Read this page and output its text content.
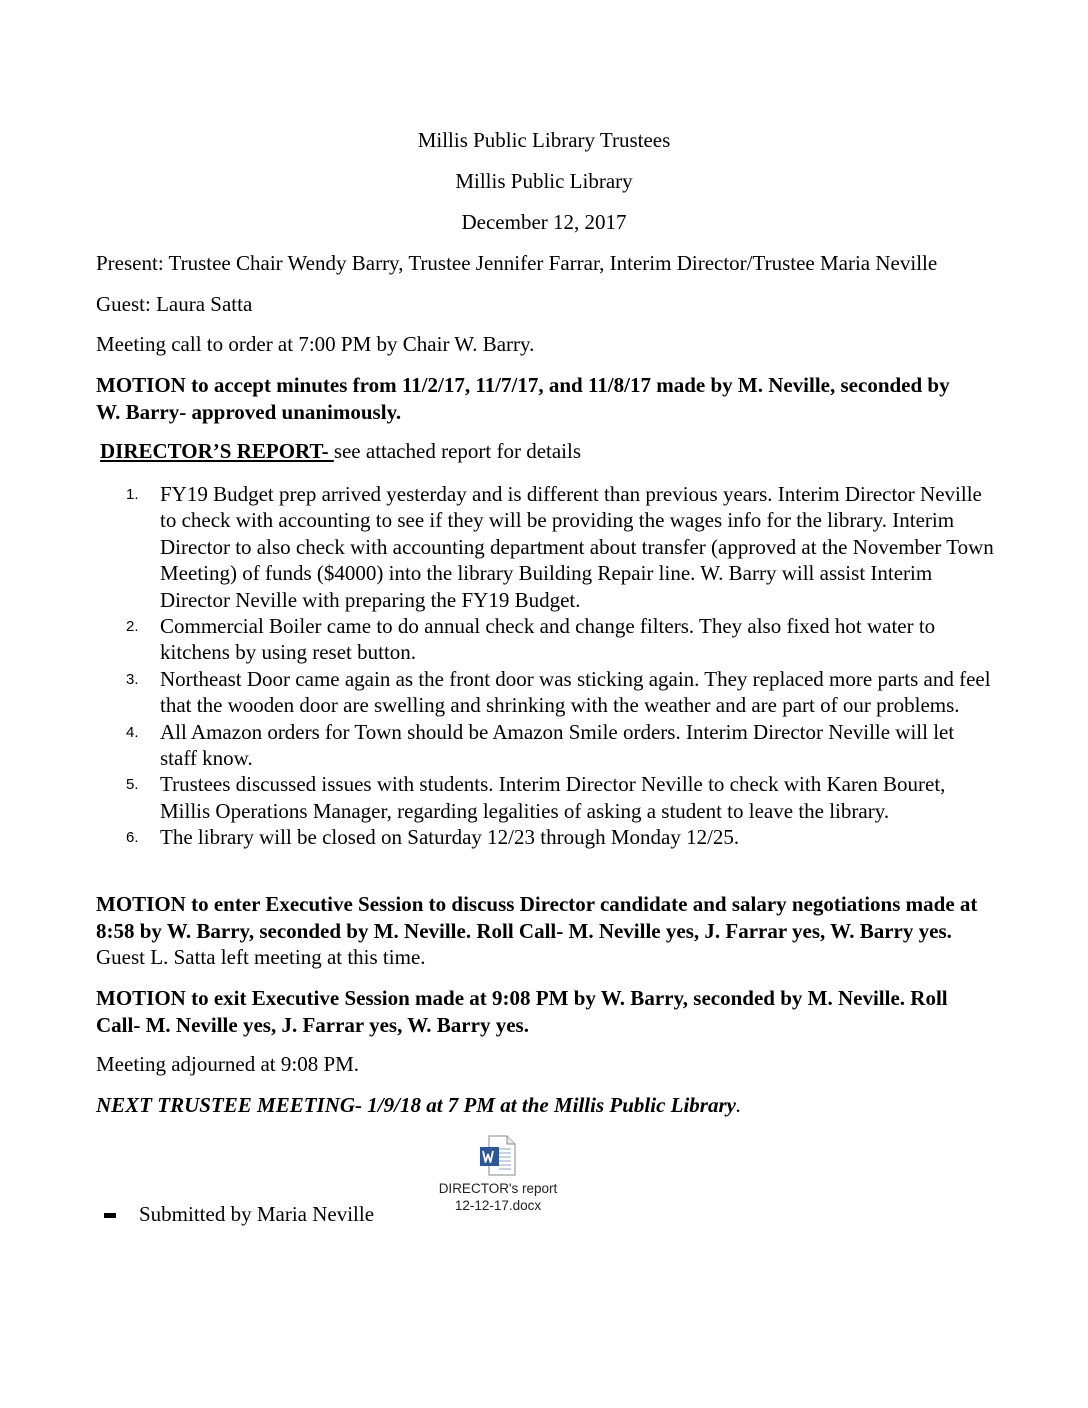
Millis Public Library Trustees
Millis Public Library
December 12, 2017
Present: Trustee Chair Wendy Barry, Trustee Jennifer Farrar, Interim Director/Trustee Maria Neville
Guest: Laura Satta
Meeting call to order at 7:00 PM by Chair W. Barry.
MOTION to accept minutes from 11/2/17, 11/7/17, and 11/8/17 made by M. Neville, seconded by W. Barry- approved unanimously.
DIRECTOR’S REPORT- see attached report for details
1. FY19 Budget prep arrived yesterday and is different than previous years. Interim Director Neville to check with accounting to see if they will be providing the wages info for the library. Interim Director to also check with accounting department about transfer (approved at the November Town Meeting) of funds ($4000) into the library Building Repair line. W. Barry will assist Interim Director Neville with preparing the FY19 Budget.
2. Commercial Boiler came to do annual check and change filters. They also fixed hot water to kitchens by using reset button.
3. Northeast Door came again as the front door was sticking again. They replaced more parts and feel that the wooden door are swelling and shrinking with the weather and are part of our problems.
4. All Amazon orders for Town should be Amazon Smile orders. Interim Director Neville will let staff know.
5. Trustees discussed issues with students. Interim Director Neville to check with Karen Bouret, Millis Operations Manager, regarding legalities of asking a student to leave the library.
6. The library will be closed on Saturday 12/23 through Monday 12/25.
MOTION to enter Executive Session to discuss Director candidate and salary negotiations made at 8:58 by W. Barry, seconded by M. Neville. Roll Call- M. Neville yes, J. Farrar yes, W. Barry yes.  Guest L. Satta left meeting at this time.
MOTION to exit Executive Session made at 9:08 PM by W. Barry, seconded by M. Neville. Roll Call- M. Neville yes, J. Farrar yes, W. Barry yes.
Meeting adjourned at 9:08 PM.
NEXT TRUSTEE MEETING- 1/9/18 at 7 PM at the Millis Public Library.
DIRECTOR's report
12-12-17.docx
Submitted by Maria Neville
